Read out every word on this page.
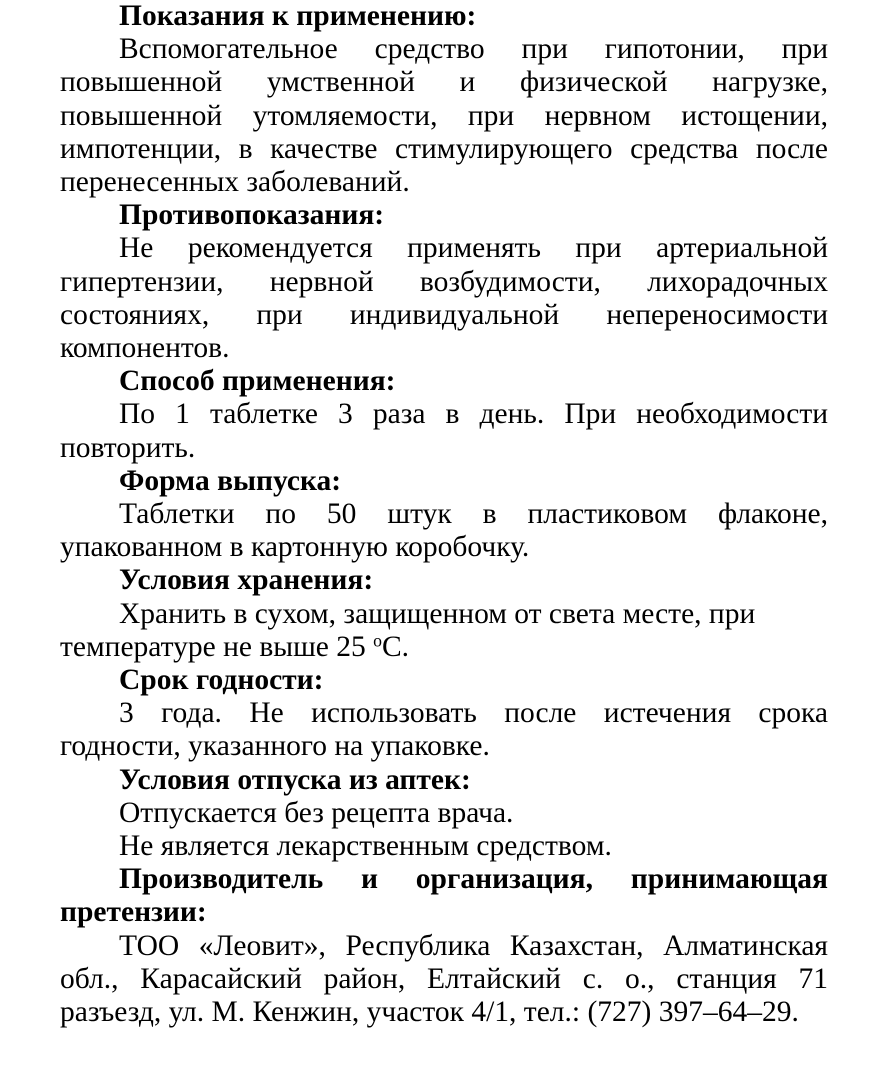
Показания к применению:

Вспомогательное средство при гипотонии, при повышенной умственной и физической нагрузке, повышенной утомляемости, при нервном истощении, импотенции, в качестве стимулирующего средства после перенесенных заболеваний.

Противопоказания:

Не рекомендуется применять при артериальной гипертензии, нервной возбудимости, лихорадочных состояниях, при индивидуальной непереносимости компонентов.

Способ применения:

По 1 таблетке 3 раза в день. При необходимости повторить.

Форма выпуска:

Таблетки по 50 штук в пластиковом флаконе, упакованном в картонную коробочку.

Условия хранения:

Хранить в сухом, защищенном от света месте, при температуре не выше 25 $^o$С.

Срок годности:

3 года. Не использовать после истечения срока годности, указанного на упаковке.

Условия отпуска из аптек:

Отпускается без рецепта врача.

Не является лекарственным средством.

Производитель и организация, принимающая претензии:

ТОО «Леовит», Республика Казахстан, Алматинская обл., Карасайский район, Елтайский с. о., станция 71 разъезд, ул. М. Кенжин, участок 4/1, тел.: (727) 397–64–29.
